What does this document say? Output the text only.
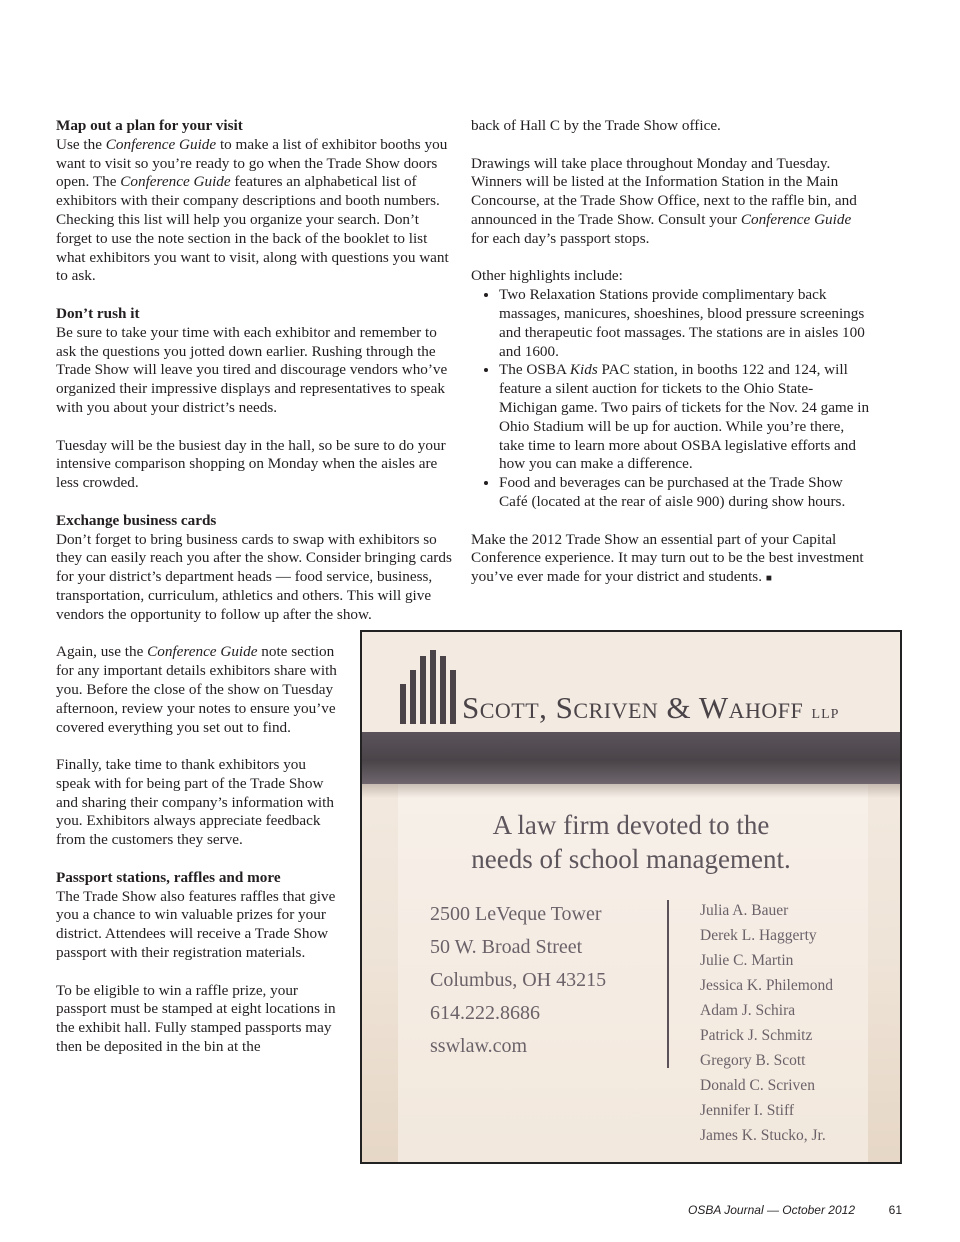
Map out a plan for your visit

Use the Conference Guide to make a list of exhibitor booths you want to visit so you’re ready to go when the Trade Show doors open. The Conference Guide features an alphabetical list of exhibitors with their company descriptions and booth numbers. Checking this list will help you organize your search. Don’t forget to use the note section in the back of the booklet to list what exhibitors you want to visit, along with questions you want to ask.

Don’t rush it

Be sure to take your time with each exhibitor and remember to ask the questions you jotted down earlier. Rushing through the Trade Show will leave you tired and discourage vendors who’ve organized their impressive displays and representatives to speak with you about your district’s needs.

Tuesday will be the busiest day in the hall, so be sure to do your intensive comparison shopping on Monday when the aisles are less crowded.

Exchange business cards

Don’t forget to bring business cards to swap with exhibitors so they can easily reach you after the show. Consider bringing cards for your district’s department heads — food service, business, transportation, curriculum, athletics and others. This will give vendors the opportunity to follow up after the show.

Again, use the Conference Guide note section for any important details exhibitors share with you. Before the close of the show on Tuesday afternoon, review your notes to ensure you’ve covered everything you set out to find.

Finally, take time to thank exhibitors you speak with for being part of the Trade Show and sharing their company’s information with you. Exhibitors always appreciate feedback from the customers they serve.

Passport stations, raffles and more

The Trade Show also features raffles that give you a chance to win valuable prizes for your district. Attendees will receive a Trade Show passport with their registration materials.

To be eligible to win a raffle prize, your passport must be stamped at eight locations in the exhibit hall. Fully stamped passports may then be deposited in the bin at the

back of Hall C by the Trade Show office.

Drawings will take place throughout Monday and Tuesday. Winners will be listed at the Information Station in the Main Concourse, at the Trade Show Office, next to the raffle bin, and announced in the Trade Show. Consult your Conference Guide for each day’s passport stops.

Other highlights include:
• Two Relaxation Stations provide complimentary back massages, manicures, shoeshines, blood pressure screenings and therapeutic foot massages. The stations are in aisles 100 and 1600.
• The OSBA Kids PAC station, in booths 122 and 124, will feature a silent auction for tickets to the Ohio State-Michigan game. Two pairs of tickets for the Nov. 24 game in Ohio Stadium will be up for auction. While you’re there, take time to learn more about OSBA legislative efforts and how you can make a difference.
• Food and beverages can be purchased at the Trade Show Café (located at the rear of aisle 900) during show hours.

Make the 2012 Trade Show an essential part of your Capital Conference experience. It may turn out to be the best investment you’ve ever made for your district and students. ■

Scott, Scriven & Wahoff LLP
A law firm devoted to the
needs of school management.
2500 LeVeque Tower
50 W. Broad Street
Columbus, OH 43215
614.222.8686
sswlaw.com
Julia A. Bauer
Derek L. Haggerty
Julie C. Martin
Jessica K. Philemond
Adam J. Schira
Patrick J. Schmitz
Gregory B. Scott
Donald C. Scriven
Jennifer I. Stiff
James K. Stucko, Jr.
OSBA Journal — October 2012	61
